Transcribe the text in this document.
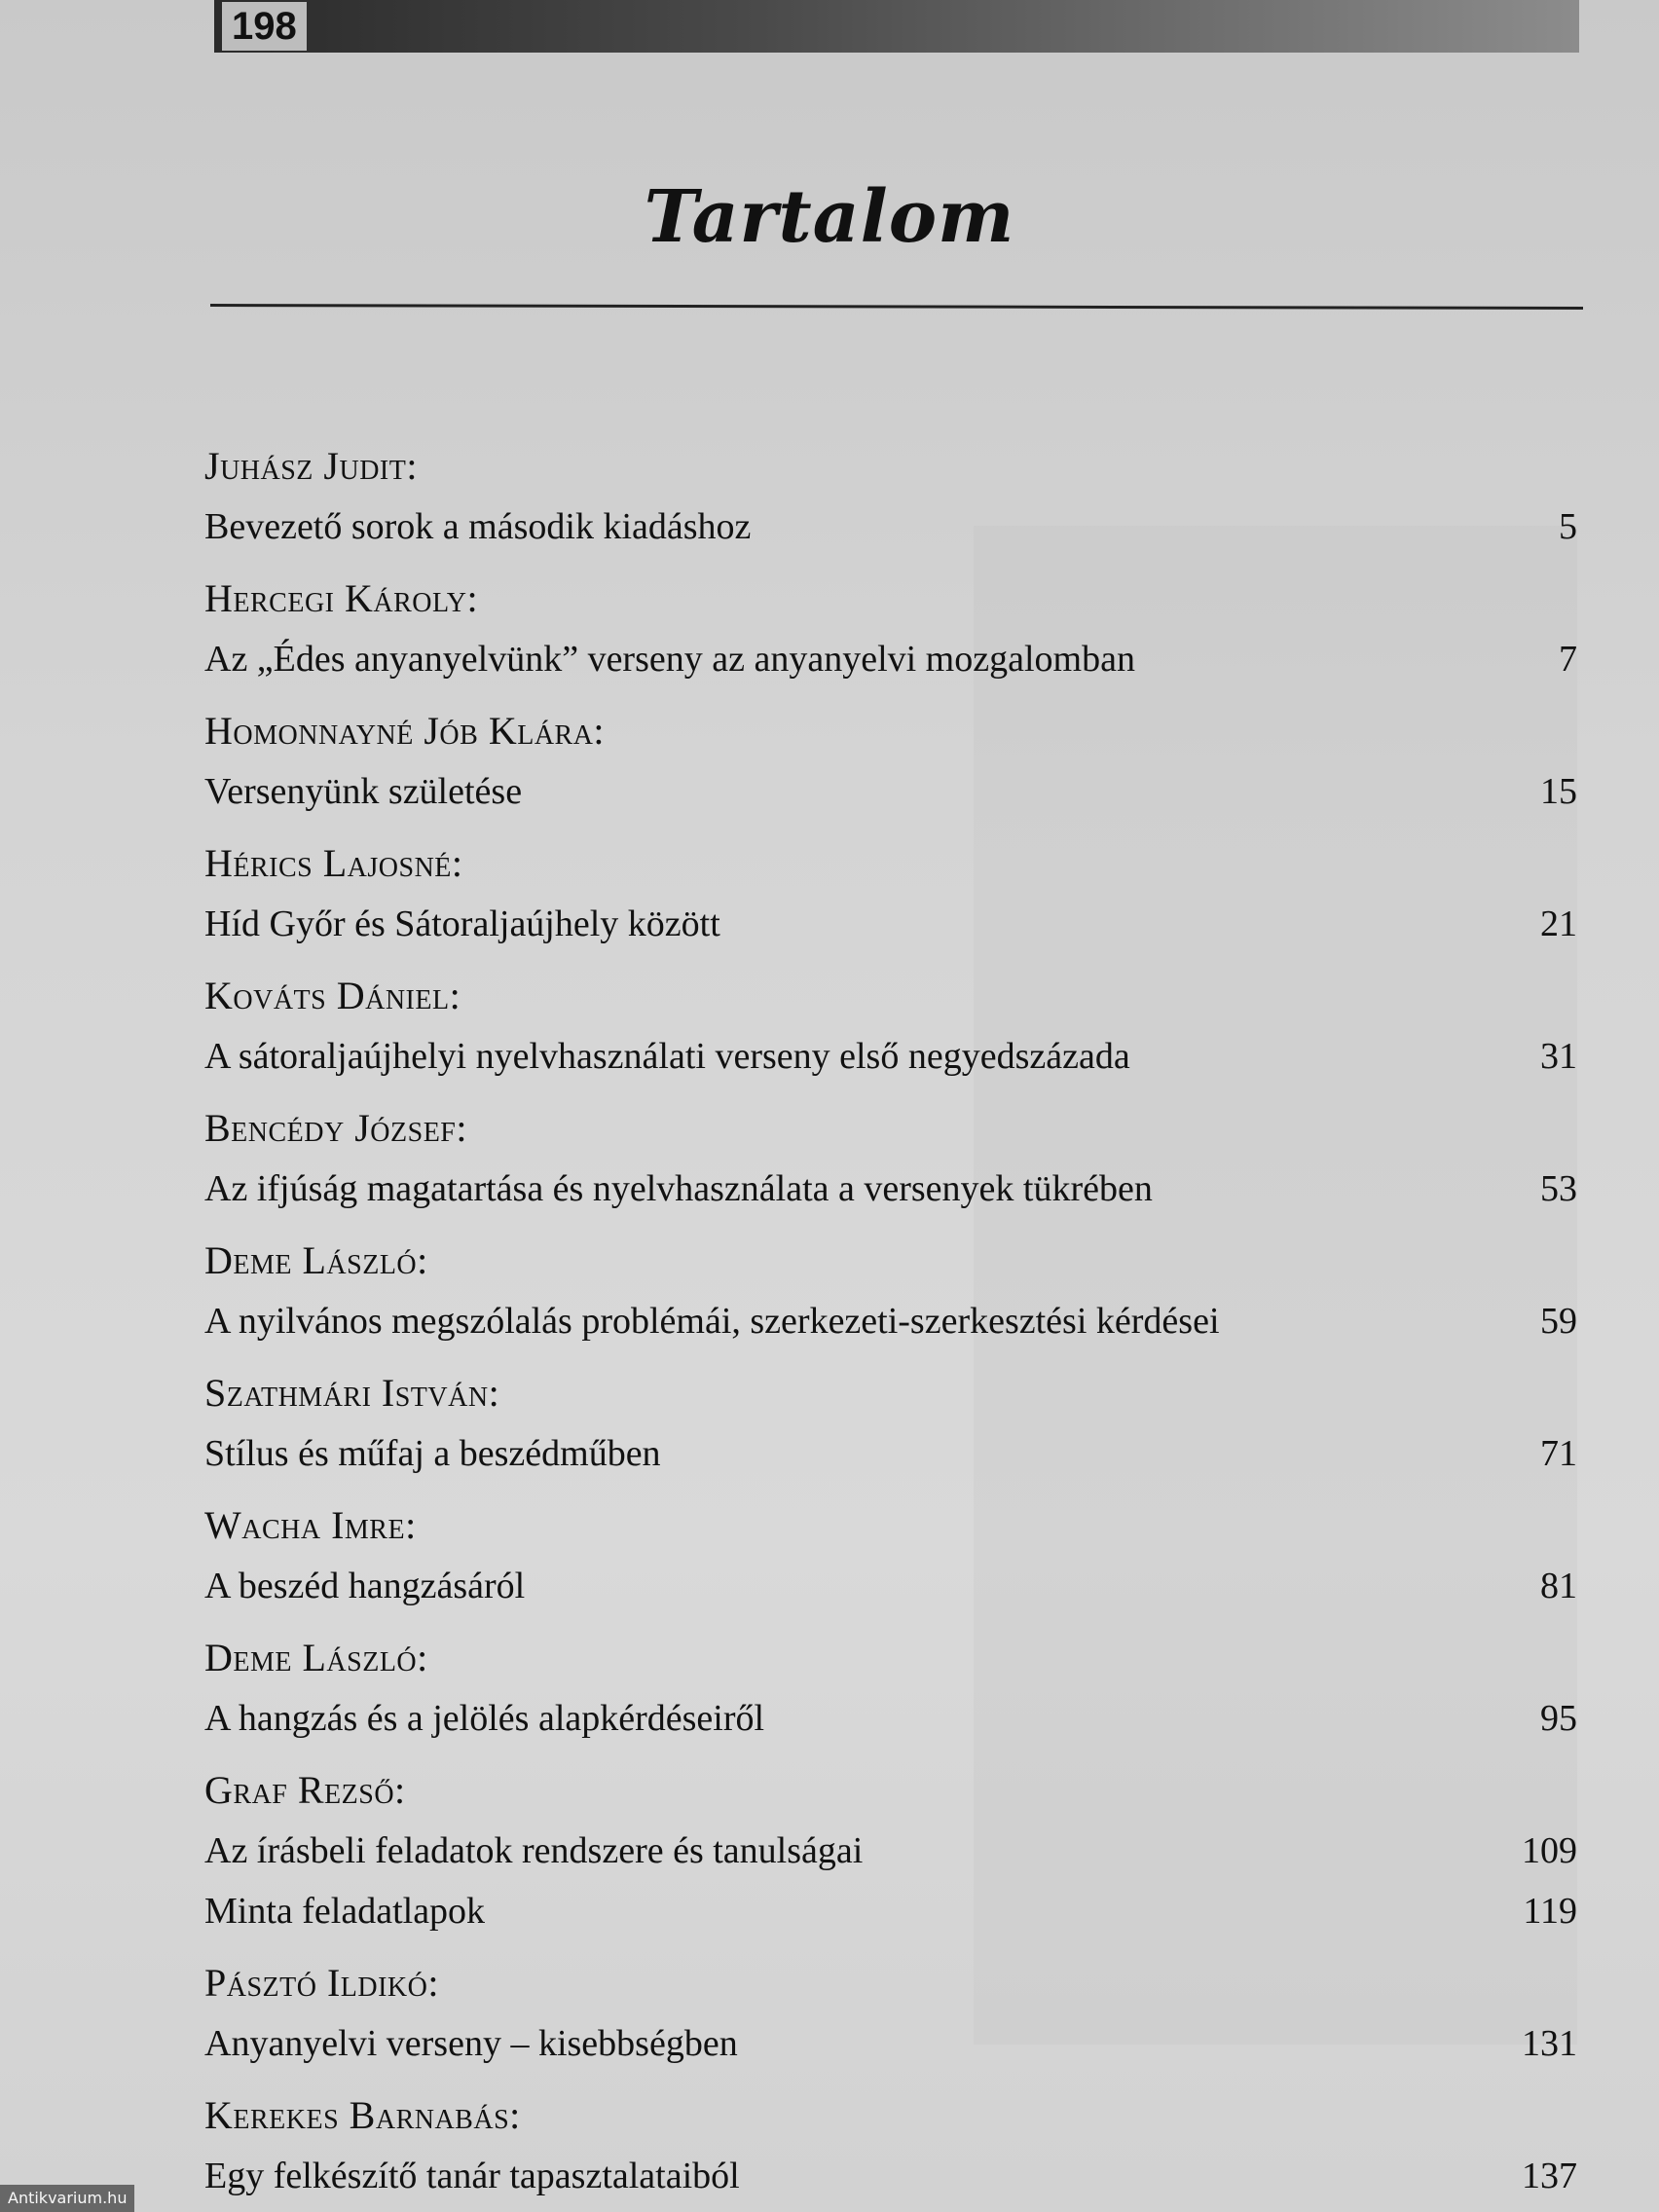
198
Tartalom
Juhász Judit:
Bevezető sorok a második kiadáshoz	5
Hercegi Károly:
Az „Édes anyanyelvünk” verseny az anyanyelvi mozgalomban	7
Homonnayné Jób Klára:
Versenyünk születése	15
Hérics Lajosné:
Híd Győr és Sátoraljaújhely között	21
Kováts Dániel:
A sátoraljaújhelyi nyelvhasználati verseny első negyedszázada	31
Bencédy József:
Az ifjúság magatartása és nyelvhasználata a versenyek tükrében	53
Deme László:
A nyilvános megszólalás problémái, szerkezeti-szerkesztési kérdései	59
Szathmári István:
Stílus és műfaj a beszédműben	71
Wacha Imre:
A beszéd hangzásáról	81
Deme László:
A hangzás és a jelölés alapkérdéseiről	95
Graf Rezső:
Az írásbeli feladatok rendszere és tanulságai	109
Minta feladatlapok	119
Pásztó Ildikó:
Anyanyelvi verseny – kisebbségben	131
Kerekes Barnabás:
Egy felkészítő tanár tapasztalataiból	137
Antikvarium.hu
